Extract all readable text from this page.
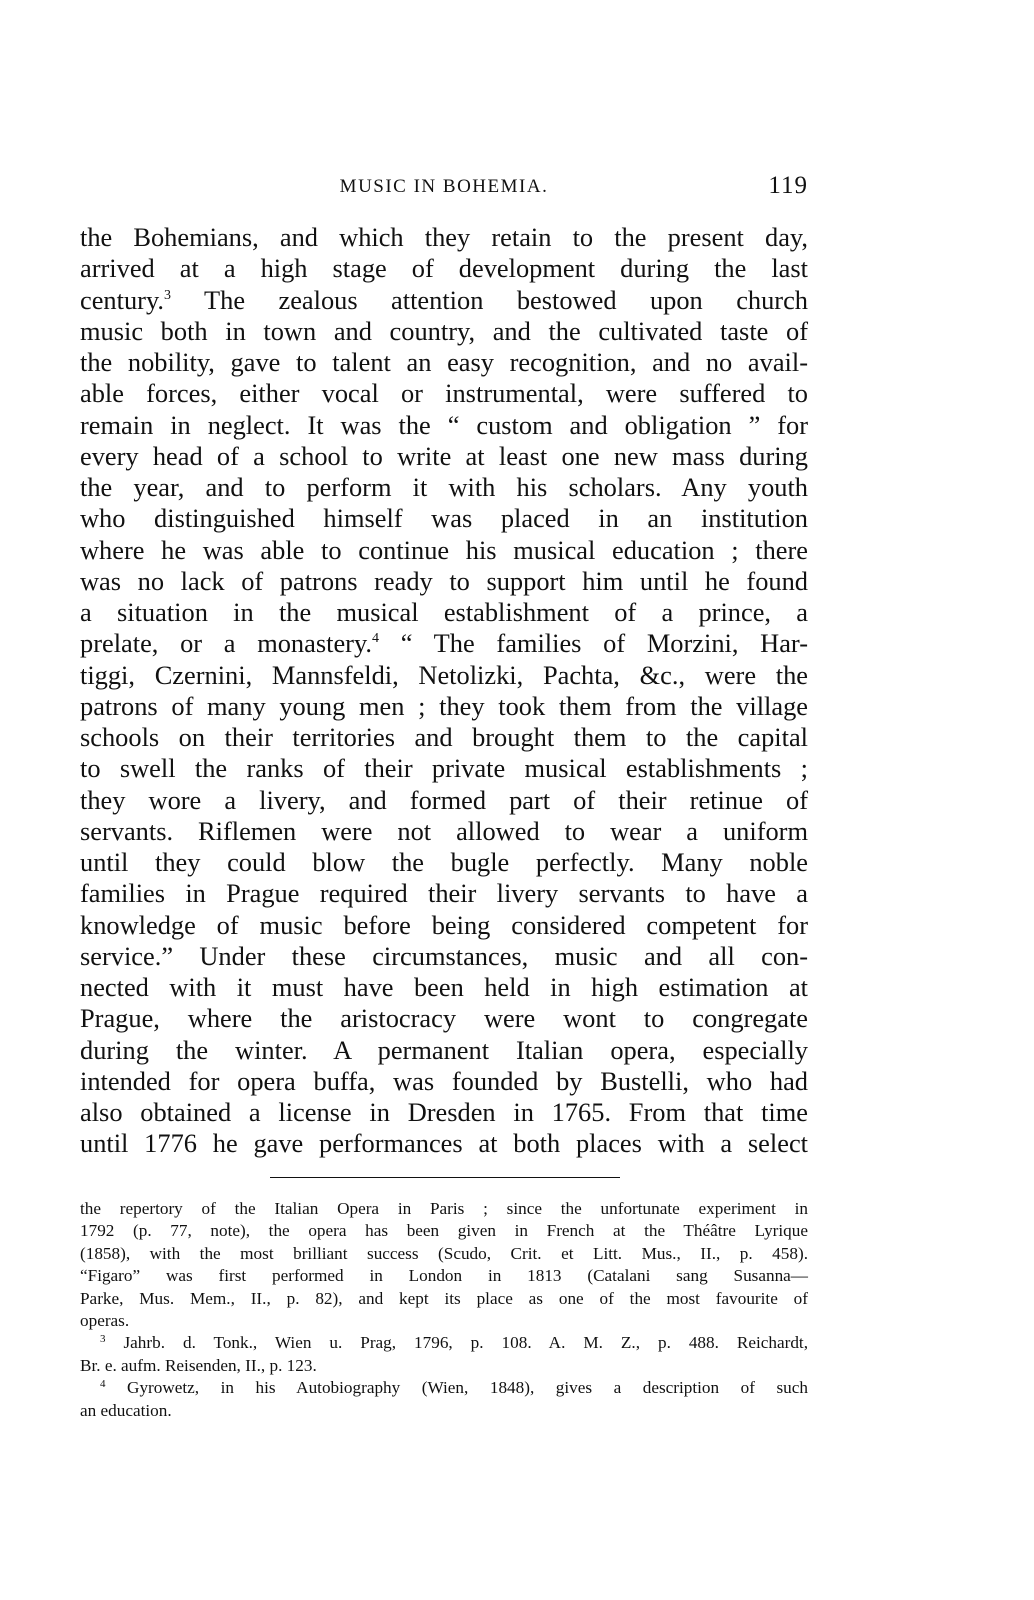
MUSIC IN BOHEMIA.	119
the Bohemians, and which they retain to the present day,
arrived at a high stage of development during the last
century.$^3$ The zealous attention bestowed upon church
music both in town and country, and the cultivated taste of
the nobility, gave to talent an easy recognition, and no avail-
able forces, either vocal or instrumental, were suffered to
remain in neglect. It was the “ custom and obligation ” for
every head of a school to write at least one new mass during
the year, and to perform it with his scholars. Any youth
who distinguished himself was placed in an institution
where he was able to continue his musical education ; there
was no lack of patrons ready to support him until he found
a situation in the musical establishment of a prince, a
prelate, or a monastery.$^4$ “ The families of Morzini, Har-
tiggi, Czernini, Mannsfeldi, Netolizki, Pachta, &c., were the
patrons of many young men ; they took them from the village
schools on their territories and brought them to the capital
to swell the ranks of their private musical establishments ;
they wore a livery, and formed part of their retinue of
servants. Riflemen were not allowed to wear a uniform
until they could blow the bugle perfectly. Many noble
families in Prague required their livery servants to have a
knowledge of music before being considered competent for
service.” Under these circumstances, music and all con-
nected with it must have been held in high estimation at
Prague, where the aristocracy were wont to congregate
during the winter. A permanent Italian opera, especially
intended for opera buffa, was founded by Bustelli, who had
also obtained a license in Dresden in 1765. From that time
until 1776 he gave performances at both places with a select
the repertory of the Italian Opera in Paris ; since the unfortunate experiment in
1792 (p. 77, note), the opera has been given in French at the Théâtre Lyrique
(1858), with the most brilliant success (Scudo, Crit. et Litt. Mus., II., p. 458).
“Figaro” was first performed in London in 1813 (Catalani sang Susanna—
Parke, Mus. Mem., II., p. 82), and kept its place as one of the most favourite of
operas.
$^3$ Jahrb. d. Tonk., Wien u. Prag, 1796, p. 108. A. M. Z., p. 488. Reichardt,
Br. e. aufm. Reisenden, II., p. 123.
$^4$ Gyrowetz, in his Autobiography (Wien, 1848), gives a description of such
an education.
